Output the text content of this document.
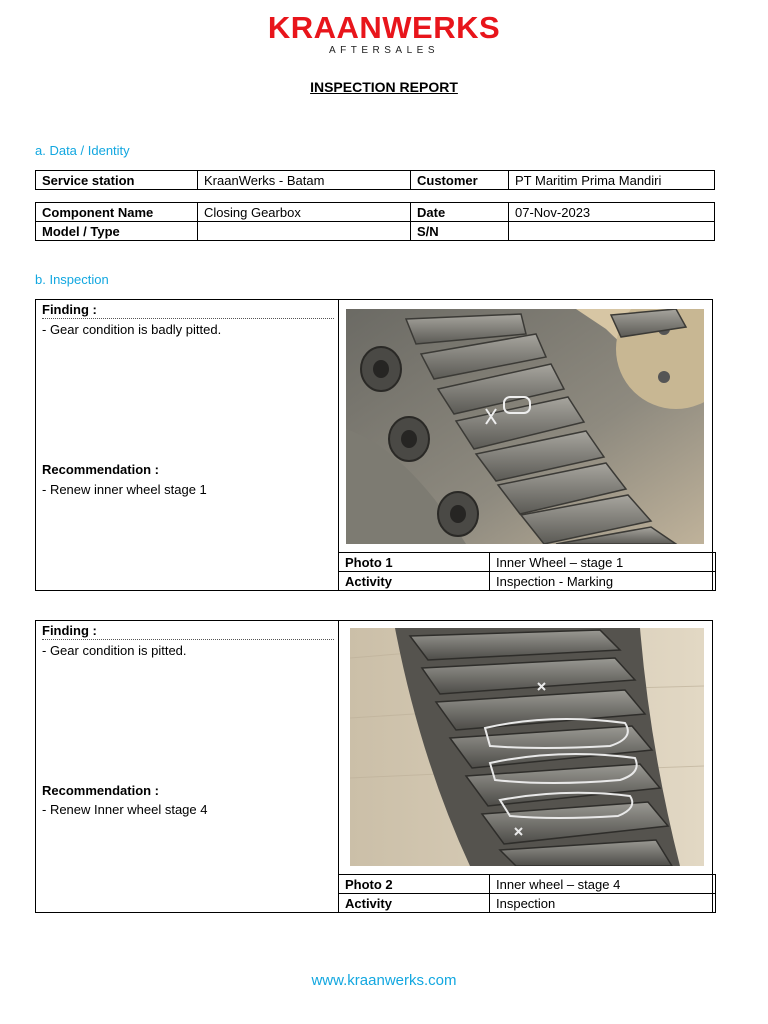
KRAANWERKS
AFTERSALES
INSPECTION REPORT
a. Data / Identity
Service station	KraanWerks - Batam	Customer	PT Maritim Prima Mandiri
Component Name	Closing Gearbox	Date	07-Nov-2023
Model / Type		S/N	
b. Inspection
Finding :
- Gear condition is badly pitted.
Recommendation :
- Renew inner wheel stage 1
Photo 1	Inner Wheel – stage 1
Activity	Inspection - Marking
Finding :
- Gear condition is pitted.
Recommendation :
- Renew Inner wheel stage 4
Photo 2	Inner wheel – stage 4
Activity	Inspection
www.kraanwerks.com
